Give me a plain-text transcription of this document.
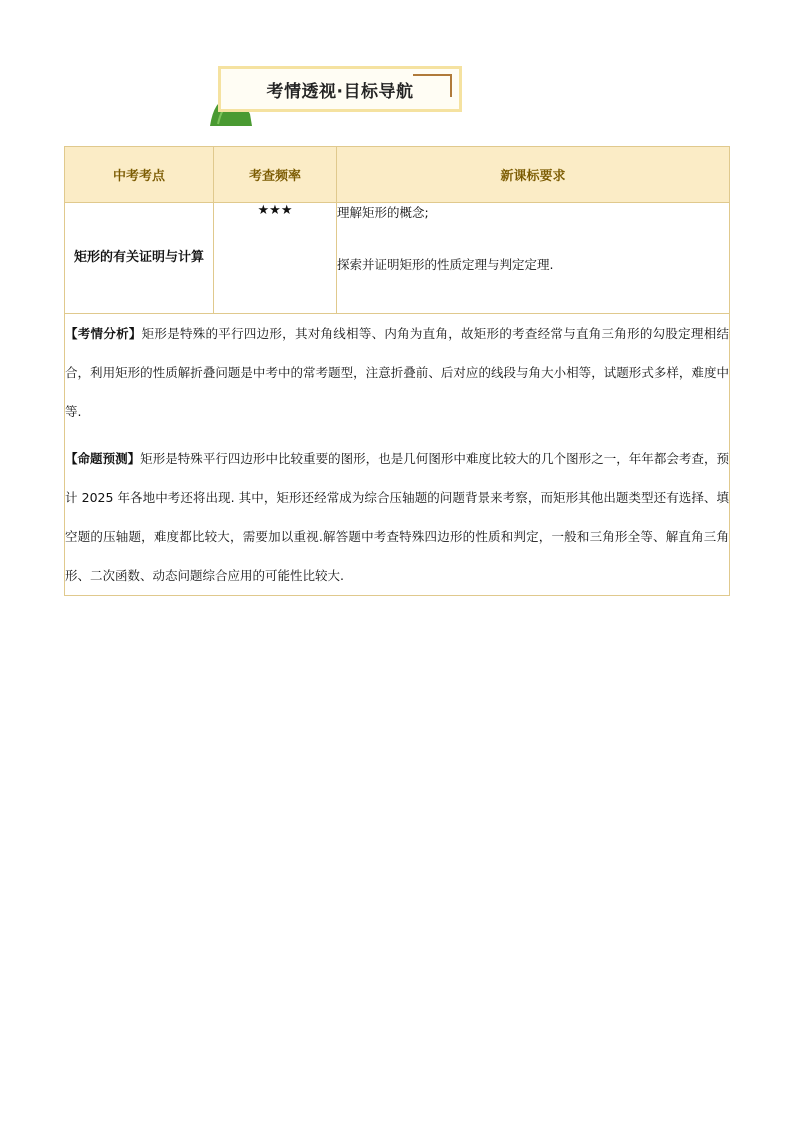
考情透视·目标导航
中考考点	考查频率	新课标要求
矩形的有关证明与计算	★★★	理解矩形的概念;

探索并证明矩形的性质定理与判定定理.

【考情分析】矩形是特殊的平行四边形，其对角线相等、内角为直角，故矩形的考查经常与直角三角形的勾股定理相结合，利用矩形的性质解折叠问题是中考中的常考题型，注意折叠前、后对应的线段与角大小相等，试题形式多样，难度中等.

【命题预测】矩形是特殊平行四边形中比较重要的图形，也是几何图形中难度比较大的几个图形之一，年年都会考查，预计 2025 年各地中考还将出现. 其中，矩形还经常成为综合压轴题的问题背景来考察，而矩形其他出题类型还有选择、填空题的压轴题，难度都比较大，需要加以重视.解答题中考查特殊四边形的性质和判定，一般和三角形全等、解直角三角形、二次函数、动态问题综合应用的可能性比较大.		
